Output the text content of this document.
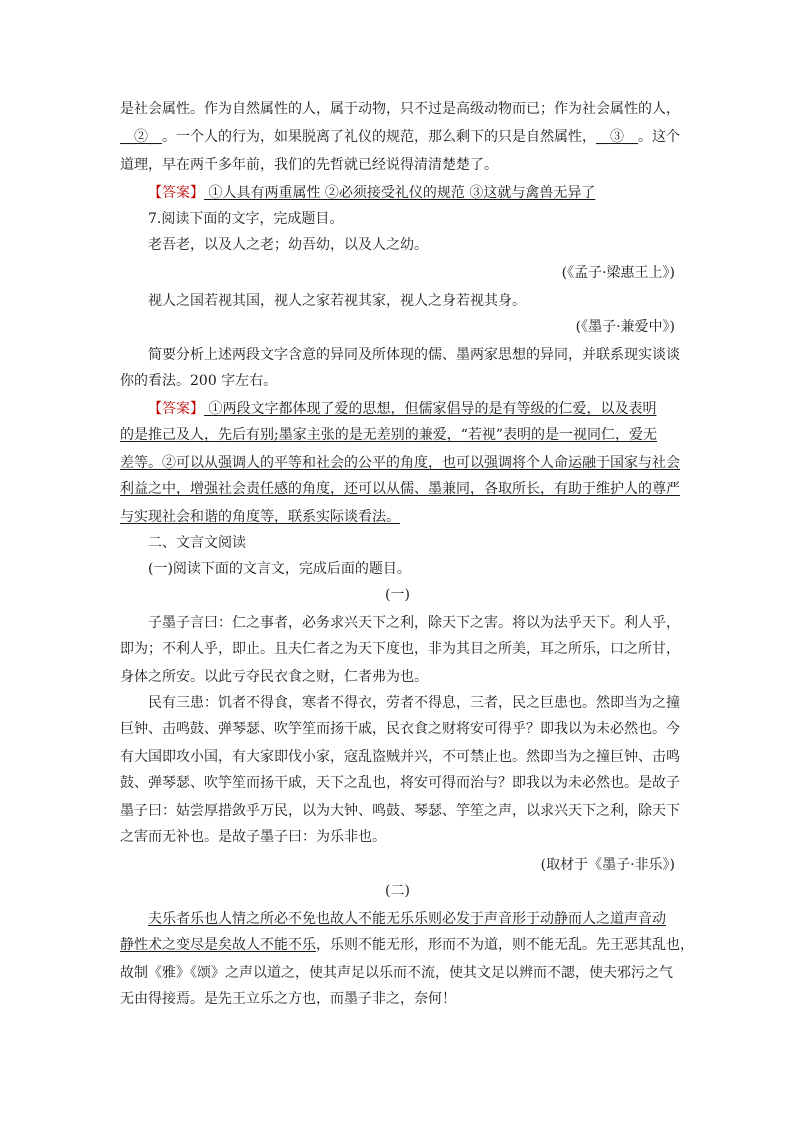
是社会属性。作为自然属性的人，属于动物，只不过是高级动物而已；作为社会属性的人，
__②__。一个人的行为，如果脱离了礼仪的规范，那么剩下的只是自然属性，__③__。这个
道理，早在两千多年前，我们的先哲就已经说得清清楚楚了。
【答案】 ①人具有两重属性 ②必须接受礼仪的规范 ③这就与禽兽无异了
7.阅读下面的文字，完成题目。
老吾老，以及人之老；幼吾幼，以及人之幼。
(《孟子·梁惠王上》)
视人之国若视其国，视人之家若视其家，视人之身若视其身。
(《墨子·兼爱中》)
简要分析上述两段文字含意的异同及所体现的儒、墨两家思想的异同，并联系现实谈谈
你的看法。200 字左右。
【答案】 ①两段文字都体现了爱的思想，但儒家倡导的是有等级的仁爱，以及表明
的是推己及人，先后有别;墨家主张的是无差别的兼爱，“若视”表明的是一视同仁，爱无
差等。②可以从强调人的平等和社会的公平的角度，也可以强调将个人命运融于国家与社会
利益之中，增强社会责任感的角度，还可以从儒、墨兼同，各取所长，有助于维护人的尊严
与实现社会和谐的角度等，联系实际谈看法。
二、文言文阅读
(一)阅读下面的文言文，完成后面的题目。
(一)
子墨子言曰：仁之事者，必务求兴天下之利，除天下之害。将以为法乎天下。利人乎，
即为；不利人乎，即止。且夫仁者之为天下度也，非为其目之所美，耳之所乐，口之所甘，
身体之所安。以此亏夺民衣食之财，仁者弗为也。
民有三患：饥者不得食，寒者不得衣，劳者不得息，三者，民之巨患也。然即当为之撞
巨钟、击鸣鼓、弹琴瑟、吹竽笙而扬干戚，民衣食之财将安可得乎？即我以为未必然也。今
有大国即攻小国，有大家即伐小家，寇乱盗贼并兴，不可禁止也。然即当为之撞巨钟、击鸣
鼓、弹琴瑟、吹竽笙而扬干戚，天下之乱也，将安可得而治与？即我以为未必然也。是故子
墨子曰：姑尝厚措敛乎万民，以为大钟、鸣鼓、琴瑟、竽笙之声，以求兴天下之利，除天下
之害而无补也。是故子墨子曰：为乐非也。
(取材于《墨子·非乐》)
(二)
夫乐者乐也人情之所必不免也故人不能无乐乐则必发于声音形于动静而人之道声音动
静性术之变尽是矣故人不能不乐，乐则不能无形，形而不为道，则不能无乱。先王恶其乱也，
故制《雅》《颂》之声以道之，使其声足以乐而不流，使其文足以辨而不諰，使夫邪污之气
无由得接焉。是先王立乐之方也，而墨子非之，奈何！
